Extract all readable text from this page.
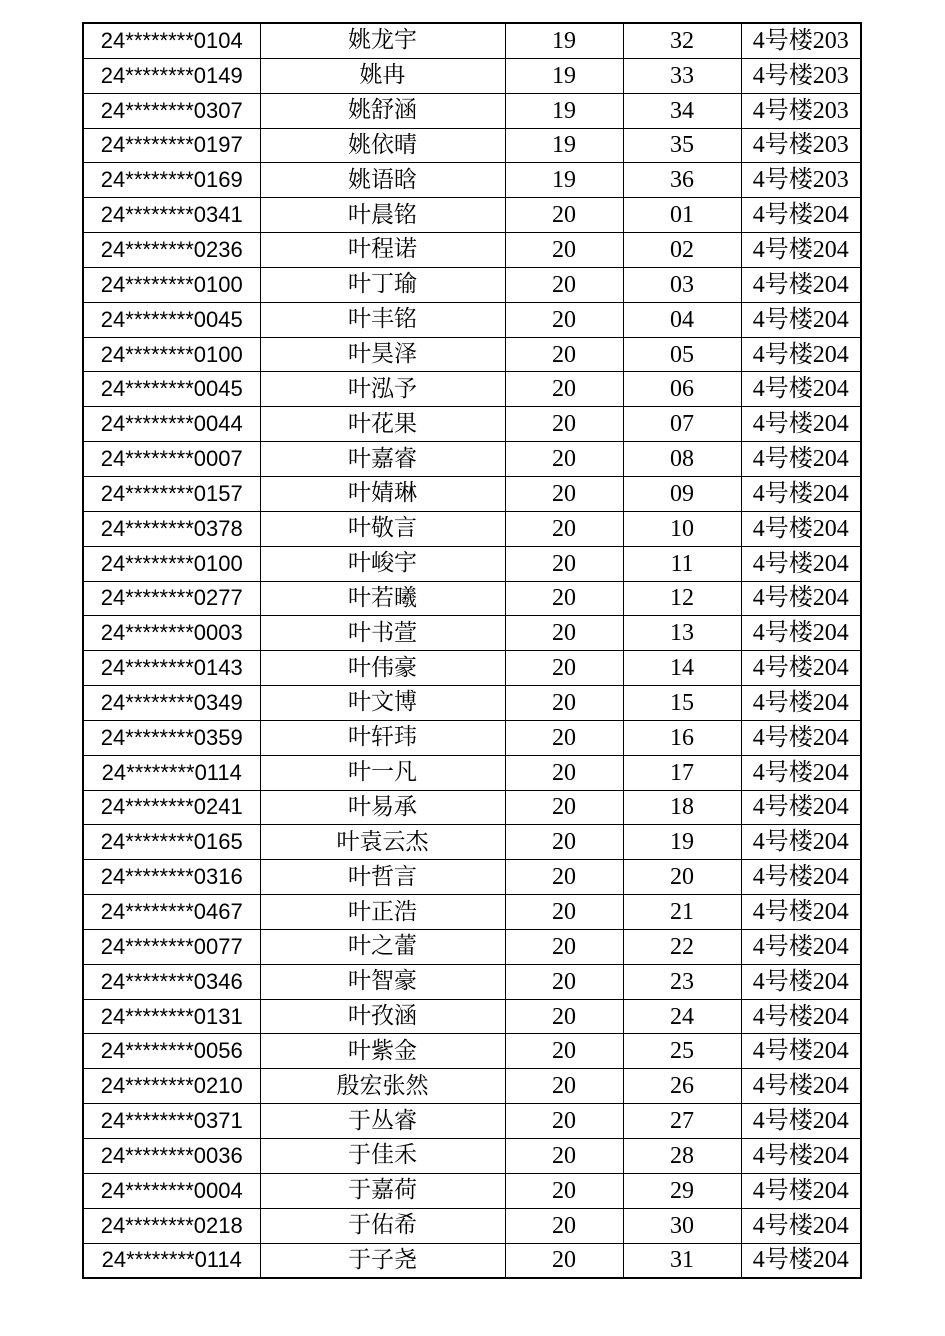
24********0104	姚龙宇	19	32	4号楼203
24********0149	姚冉	19	33	4号楼203
24********0307	姚舒涵	19	34	4号楼203
24********0197	姚依晴	19	35	4号楼203
24********0169	姚语晗	19	36	4号楼203
24********0341	叶晨铭	20	01	4号楼204
24********0236	叶程诺	20	02	4号楼204
24********0100	叶丁瑜	20	03	4号楼204
24********0045	叶丰铭	20	04	4号楼204
24********0100	叶昊泽	20	05	4号楼204
24********0045	叶泓予	20	06	4号楼204
24********0044	叶花果	20	07	4号楼204
24********0007	叶嘉睿	20	08	4号楼204
24********0157	叶婧琳	20	09	4号楼204
24********0378	叶敬言	20	10	4号楼204
24********0100	叶峻宇	20	11	4号楼204
24********0277	叶若曦	20	12	4号楼204
24********0003	叶书萱	20	13	4号楼204
24********0143	叶伟豪	20	14	4号楼204
24********0349	叶文博	20	15	4号楼204
24********0359	叶轩玮	20	16	4号楼204
24********0114	叶一凡	20	17	4号楼204
24********0241	叶易承	20	18	4号楼204
24********0165	叶袁云杰	20	19	4号楼204
24********0316	叶哲言	20	20	4号楼204
24********0467	叶正浩	20	21	4号楼204
24********0077	叶之蕾	20	22	4号楼204
24********0346	叶智豪	20	23	4号楼204
24********0131	叶孜涵	20	24	4号楼204
24********0056	叶紫金	20	25	4号楼204
24********0210	殷宏张然	20	26	4号楼204
24********0371	于丛睿	20	27	4号楼204
24********0036	于佳禾	20	28	4号楼204
24********0004	于嘉荷	20	29	4号楼204
24********0218	于佑希	20	30	4号楼204
24********0114	于子尧	20	31	4号楼204
